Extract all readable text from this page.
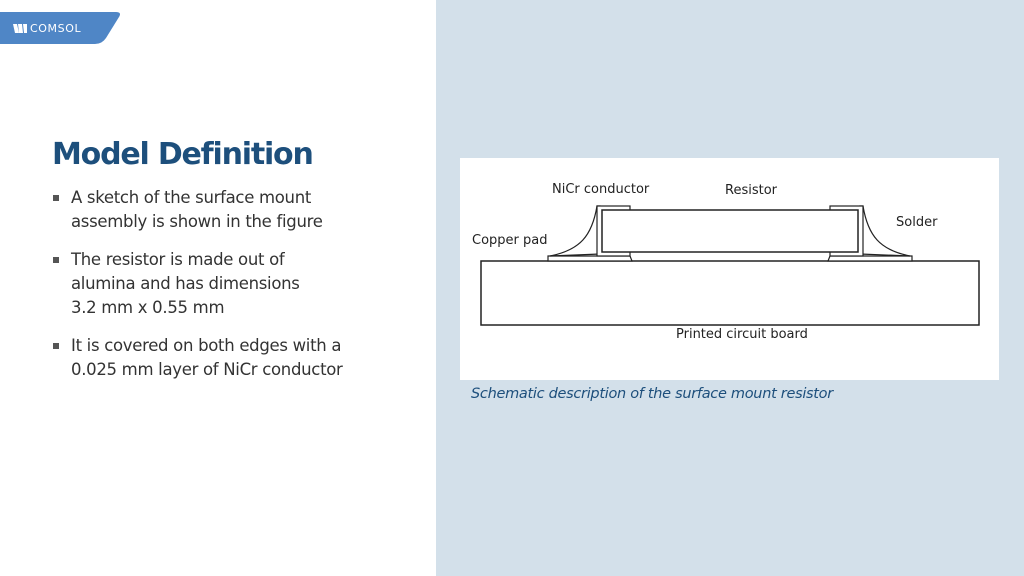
COMSOL
Model Definition
A sketch of the surface mount
assembly is shown in the figure
The resistor is made out of
alumina and has dimensions
3.2 mm x 0.55 mm
It is covered on both edges with a
0.025 mm layer of NiCr conductor
NiCr conductor	Resistor
Solder
Copper pad
Printed circuit board
Schematic description of the surface mount resistor
